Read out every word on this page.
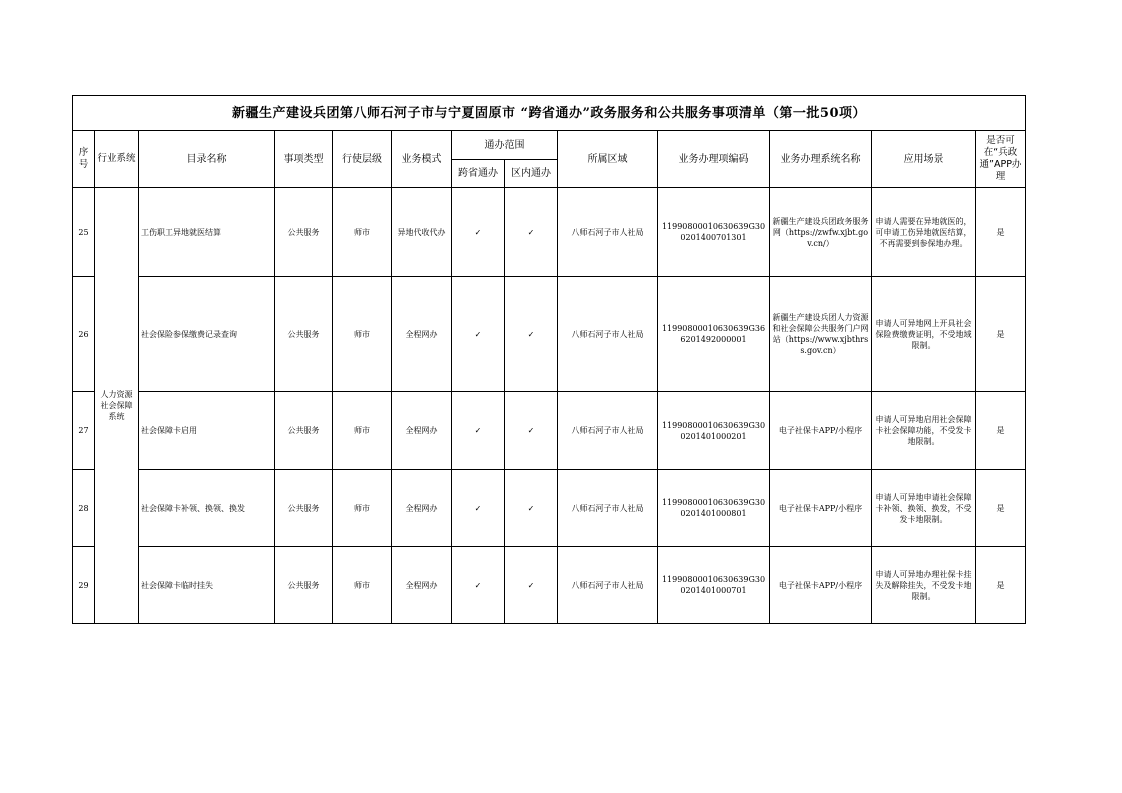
新疆生产建设兵团第八师石河子市与宁夏固原市 “跨省通办”政务服务和公共服务事项清单（第一批50项）												
序号	行业系统	目录名称	事项类型	行使层级	业务模式	通办范围		所属区域	业务办理项编码	业务办理系统名称	应用场景	是否可在“兵政通”APP办理
						跨省通办	区内通办					
25	人力资源社会保障系统	工伤职工异地就医结算	公共服务	师市	异地代收代办	✓	✓	八师石河子市人社局	11990800010630639G300201400701301	新疆生产建设兵团政务服务网（https://zwfw.xjbt.gov.cn/）	申请人需要在异地就医的，可申请工伤异地就医结算，不再需要到参保地办理。	是
26		社会保险参保缴费记录查询	公共服务	师市	全程网办	✓	✓	八师石河子市人社局	11990800010630639G366201492000001	新疆生产建设兵团人力资源和社会保障公共服务门户网站（https://www.xjbthrss.gov.cn）	申请人可异地网上开具社会保险费缴费证明，不受地域限制。	是
27		社会保障卡启用	公共服务	师市	全程网办	✓	✓	八师石河子市人社局	11990800010630639G300201401000201	电子社保卡APP/小程序	申请人可异地启用社会保障卡社会保障功能，不受发卡地限制。	是
28		社会保障卡补领、换领、换发	公共服务	师市	全程网办	✓	✓	八师石河子市人社局	11990800010630639G300201401000801	电子社保卡APP/小程序	申请人可异地申请社会保障卡补领、换领、换发，不受发卡地限制。	是
29		社会保障卡临时挂失	公共服务	师市	全程网办	✓	✓	八师石河子市人社局	11990800010630639G300201401000701	电子社保卡APP/小程序	申请人可异地办理社保卡挂失及解除挂失，不受发卡地限制。	是
